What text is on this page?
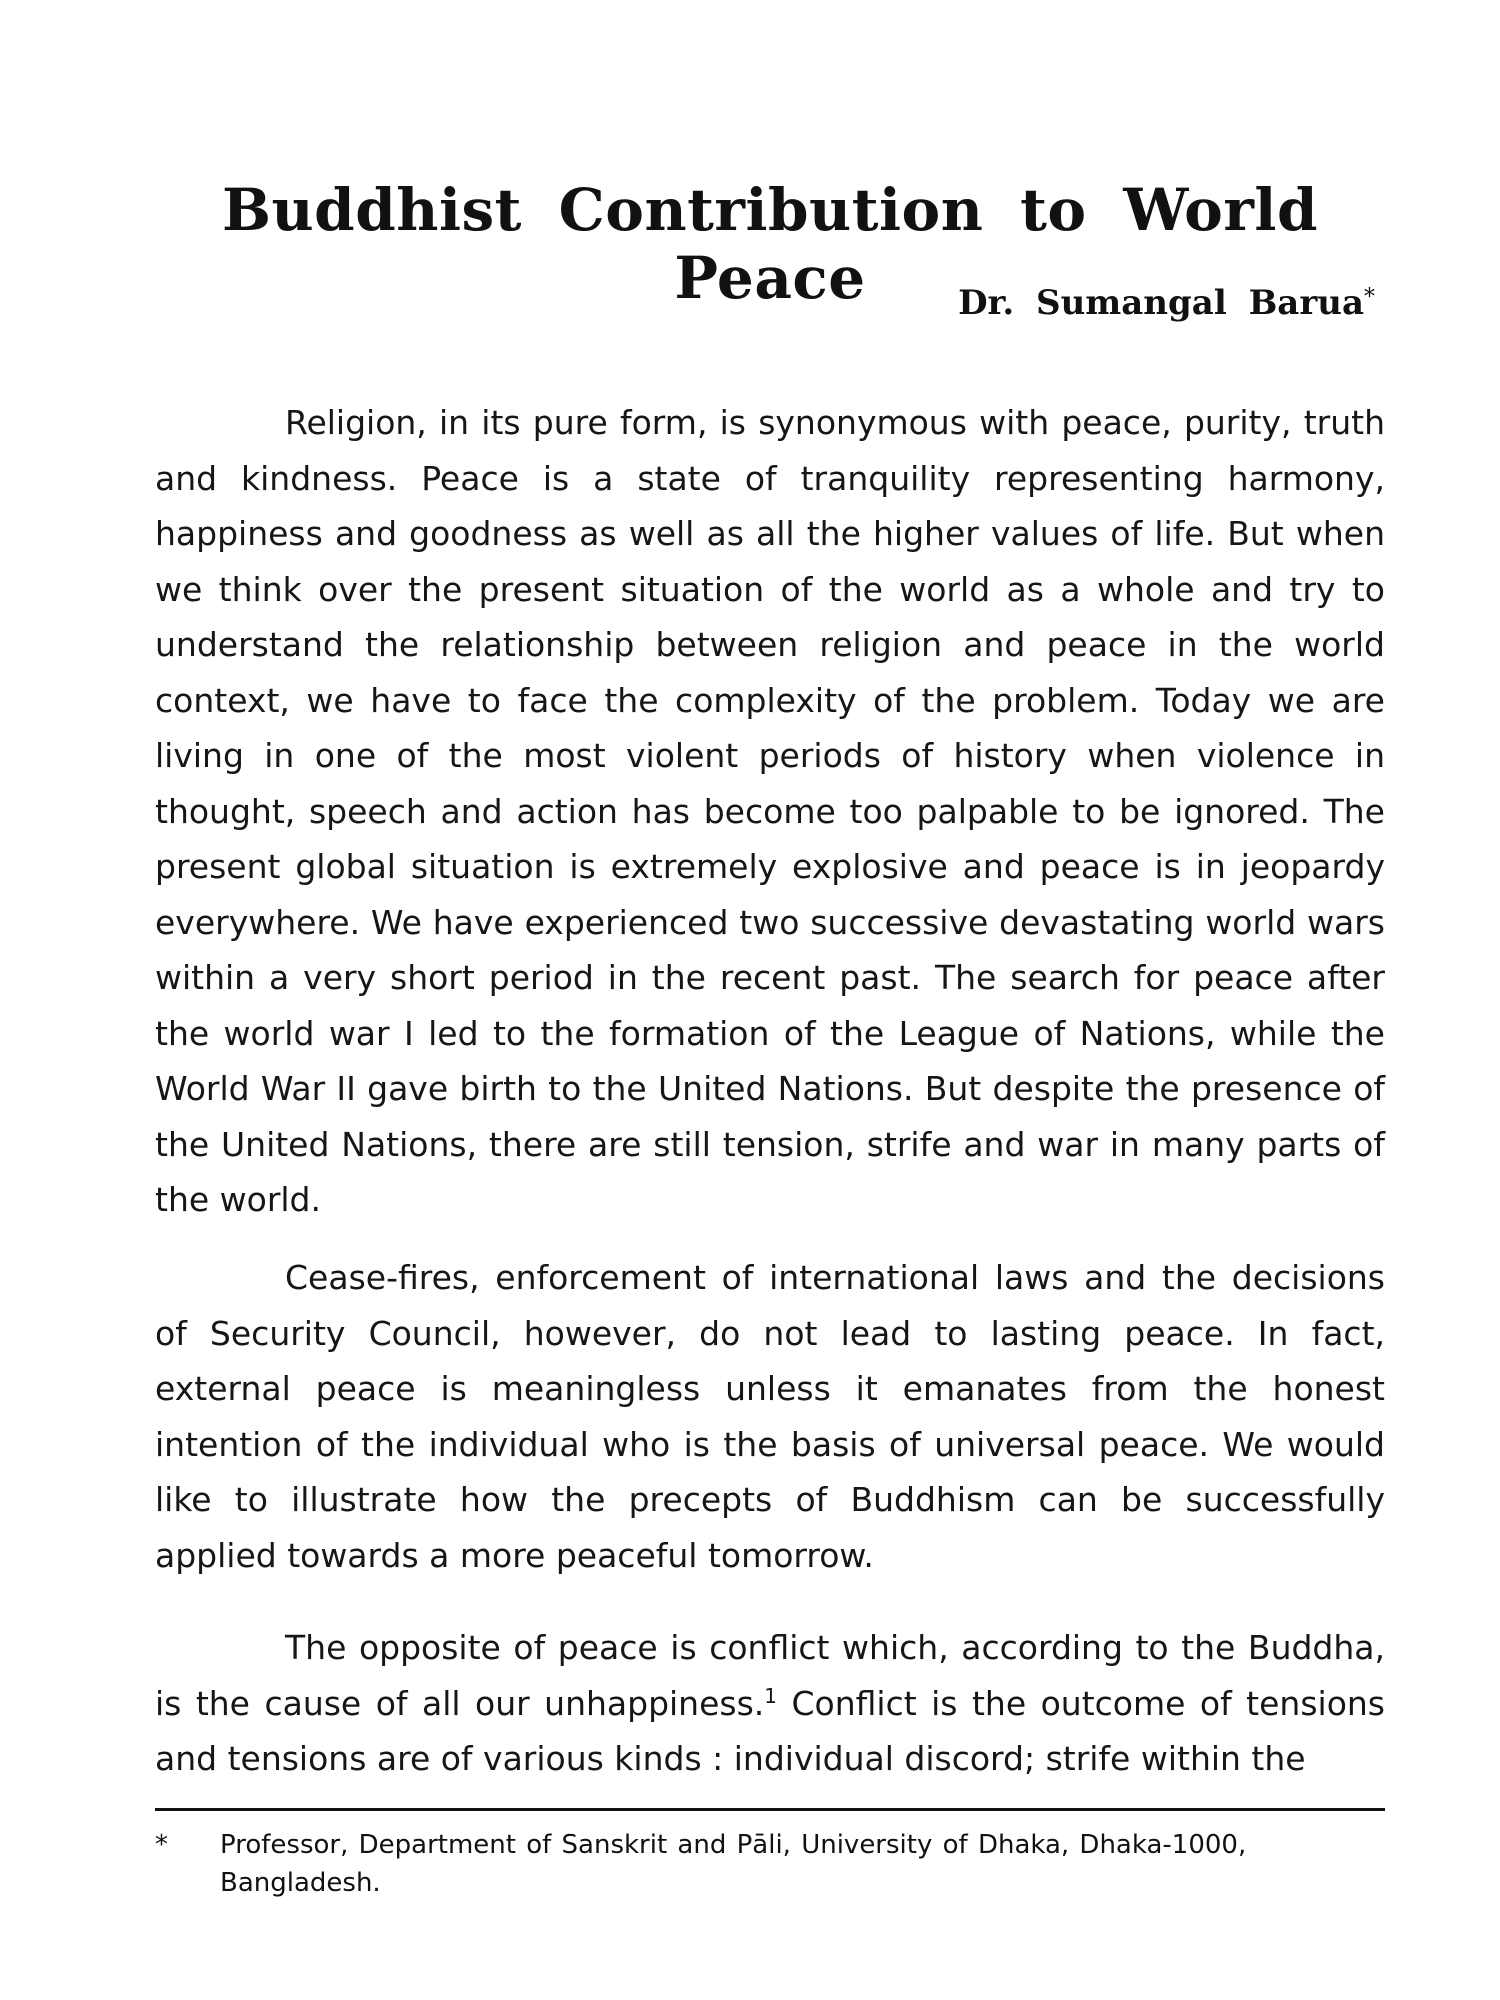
Buddhist Contribution to World Peace	Dr. Sumangal Barua*

Religion, in its pure form, is synonymous with peace, purity, truth and kindness. Peace is a state of tranquility representing harmony, happiness and goodness as well as all the higher values of life. But when we think over the present situation of the world as a whole and try to understand the relationship between religion and peace in the world context, we have to face the complexity of the problem. Today we are living in one of the most violent periods of history when violence in thought, speech and action has become too palpable to be ignored. The present global situation is extremely explosive and peace is in jeopardy everywhere. We have experienced two successive devastating world wars within a very short period in the recent past. The search for peace after the world war I led to the formation of the League of Nations, while the World War II gave birth to the United Nations. But despite the presence of the United Nations, there are still tension, strife and war in many parts of the world.

Cease-fires, enforcement of international laws and the decisions of Security Council, however, do not lead to lasting peace. In fact, external peace is meaningless unless it emanates from the honest intention of the individual who is the basis of universal peace. We would like to illustrate how the precepts of Buddhism can be successfully applied towards a more peaceful tomorrow.

The opposite of peace is conflict which, according to the Buddha, is the cause of all our unhappiness.$^1$ Conflict is the outcome of tensions and tensions are of various kinds : individual discord; strife within the

* Professor, Department of Sanskrit and Pāli, University of Dhaka, Dhaka-1000, Bangladesh.
